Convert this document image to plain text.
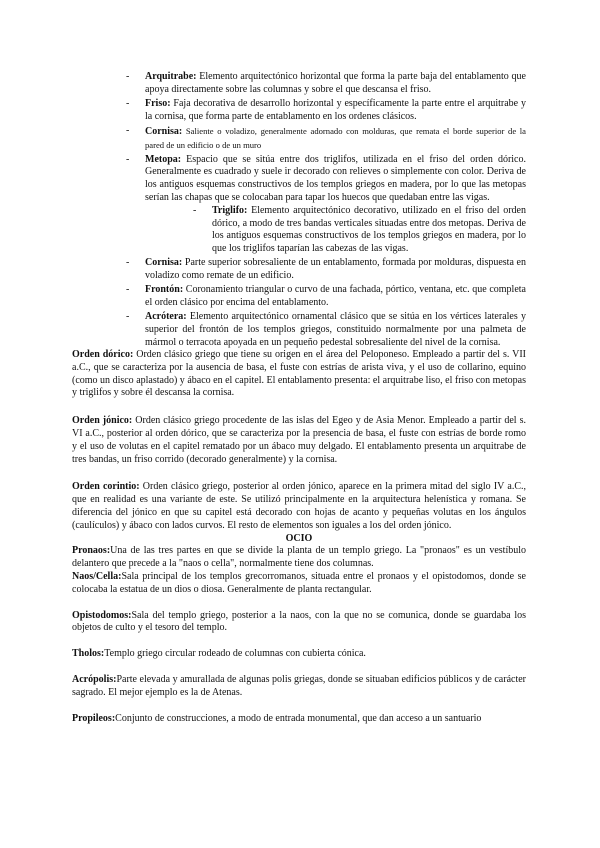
- Arquitrabe: Elemento arquitectónico horizontal que forma la parte baja del entablamento que apoya directamente sobre las columnas y sobre el que descansa el friso.
- Friso: Faja decorativa de desarrollo horizontal y específicamente la parte entre el arquitrabe y la cornisa, que forma parte de entablamento en los ordenes clásicos.
- Cornisa: Saliente o voladizo, generalmente adornado con molduras, que remata el borde superior de la pared de un edificio o de un muro
- Metopa: Espacio que se sitúa entre dos triglifos, utilizada en el friso del orden dórico. Generalmente es cuadrado y suele ir decorado con relieves o simplemente con color. Deriva de los antiguos esquemas constructivos de los templos griegos en madera, por lo que las metopas serían las chapas que se colocaban para tapar los huecos que quedaban entre las vigas.
- Triglifo: Elemento arquitectónico decorativo, utilizado en el friso del orden dórico, a modo de tres bandas verticales situadas entre dos metopas. Deriva de los antiguos esquemas constructivos de los templos griegos en madera, por lo que los triglifos taparían las cabezas de las vigas.
- Cornisa: Parte superior sobresaliente de un entablamento, formada por molduras, dispuesta en voladizo como remate de un edificio.
- Frontón: Coronamiento triangular o curvo de una fachada, pórtico, ventana, etc. que completa el orden clásico por encima del entablamento.
- Acrótera: Elemento arquitectónico ornamental clásico que se sitúa en los vértices laterales y superior del frontón de los templos griegos, constituido normalmente por una palmeta de mármol o terracota apoyada en un pequeño pedestal sobresaliente del nivel de la cornisa.

Orden dórico: Orden clásico griego que tiene su origen en el área del Peloponeso. Empleado a partir del s. VII a.C., que se caracteriza por la ausencia de basa, el fuste con estrías de arista viva, y el uso de collarino, equino (como un disco aplastado) y ábaco en el capitel. El entablamento presenta: el arquitrabe liso, el friso con metopas y triglifos y sobre él descansa la cornisa.

Orden jónico: Orden clásico griego procedente de las islas del Egeo y de Asia Menor. Empleado a partir del s. VI a.C., posterior al orden dórico, que se caracteriza por la presencia de basa, el fuste con estrías de borde romo y el uso de volutas en el capitel rematado por un ábaco muy delgado. El entablamento presenta un arquitrabe de tres bandas, un friso corrido (decorado generalmente) y la cornisa.

Orden corintio: Orden clásico griego, posterior al orden jónico, aparece en la primera mitad del siglo IV a.C., que en realidad es una variante de este. Se utilizó principalmente en la arquitectura helenística y romana. Se diferencia del jónico en que su capitel está decorado con hojas de acanto y pequeñas volutas en los ángulos (caulículos) y ábaco con lados curvos. El resto de elementos son iguales a los del orden jónico.

OCIO

Pronaos:Una de las tres partes en que se divide la planta de un templo griego. La "pronaos" es un vestíbulo delantero que precede a la "naos o cella", normalmente tiene dos columnas.

Naos/Cella:Sala principal de los templos grecorromanos, situada entre el pronaos y el opistodomos, donde se colocaba la estatua de un dios o diosa. Generalmente de planta rectangular.

Opistodomos:Sala del templo griego, posterior a la naos, con la que no se comunica, donde se guardaba los objetos de culto y el tesoro del templo.

Tholos:Templo griego circular rodeado de columnas con cubierta cónica.

Acrópolis:Parte elevada y amurallada de algunas polis griegas, donde se situaban edificios públicos y de carácter sagrado. El mejor ejemplo es la de Atenas.

Propileos:Conjunto de construcciones, a modo de entrada monumental, que dan acceso a un santuario
